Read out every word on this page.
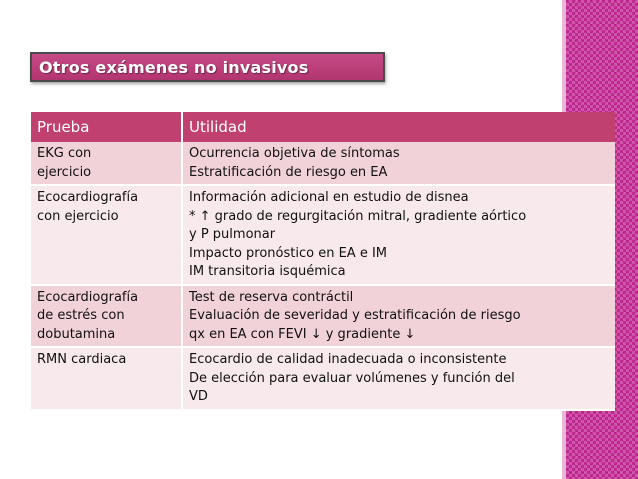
Otros exámenes no invasivos
Prueba	Utilidad

EKG con
ejercicio	Ocurrencia objetiva de síntomas
Estratificación de riesgo en EA

Ecocardiografía
con ejercicio	Información adicional en estudio de disnea
* ↑ grado de regurgitación mitral, gradiente aórtico
y P pulmonar
Impacto pronóstico en EA e IM
IM transitoria isquémica

Ecocardiografía
de estrés con
dobutamina	Test de reserva contráctil
Evaluación de severidad y estratificación de riesgo
qx en EA con FEVI ↓ y gradiente ↓

RMN cardiaca	Ecocardio de calidad inadecuada o inconsistente
De elección para evaluar volúmenes y función del
VD
